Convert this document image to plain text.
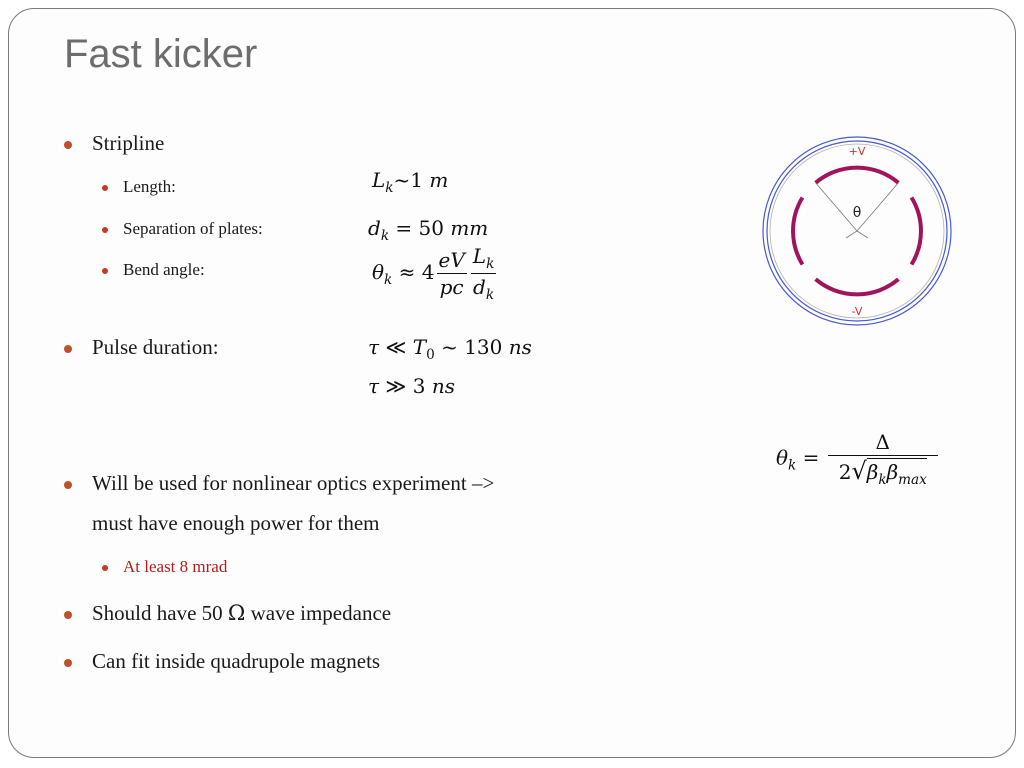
Fast kicker
Stripline
Length:
Separation of plates:
Bend angle:
$L_k\sim 1$ m
$d_k = 50$ mm
$\theta_k \approx 4 \frac{eV}{pc} \frac{L_k}{d_k}$
Pulse duration:	τ ≪ $T_0$ ~ 130 ns
τ ≫ 3 ns
$\theta_k = \frac{\Delta}{2√\beta_k\beta_{max}}$
Will be used for nonlinear optics experiment –>
must have enough power for them
At least 8 mrad
Should have 50 Ω wave impedance
Can fit inside quadrupole magnets
θ
+V
-V
